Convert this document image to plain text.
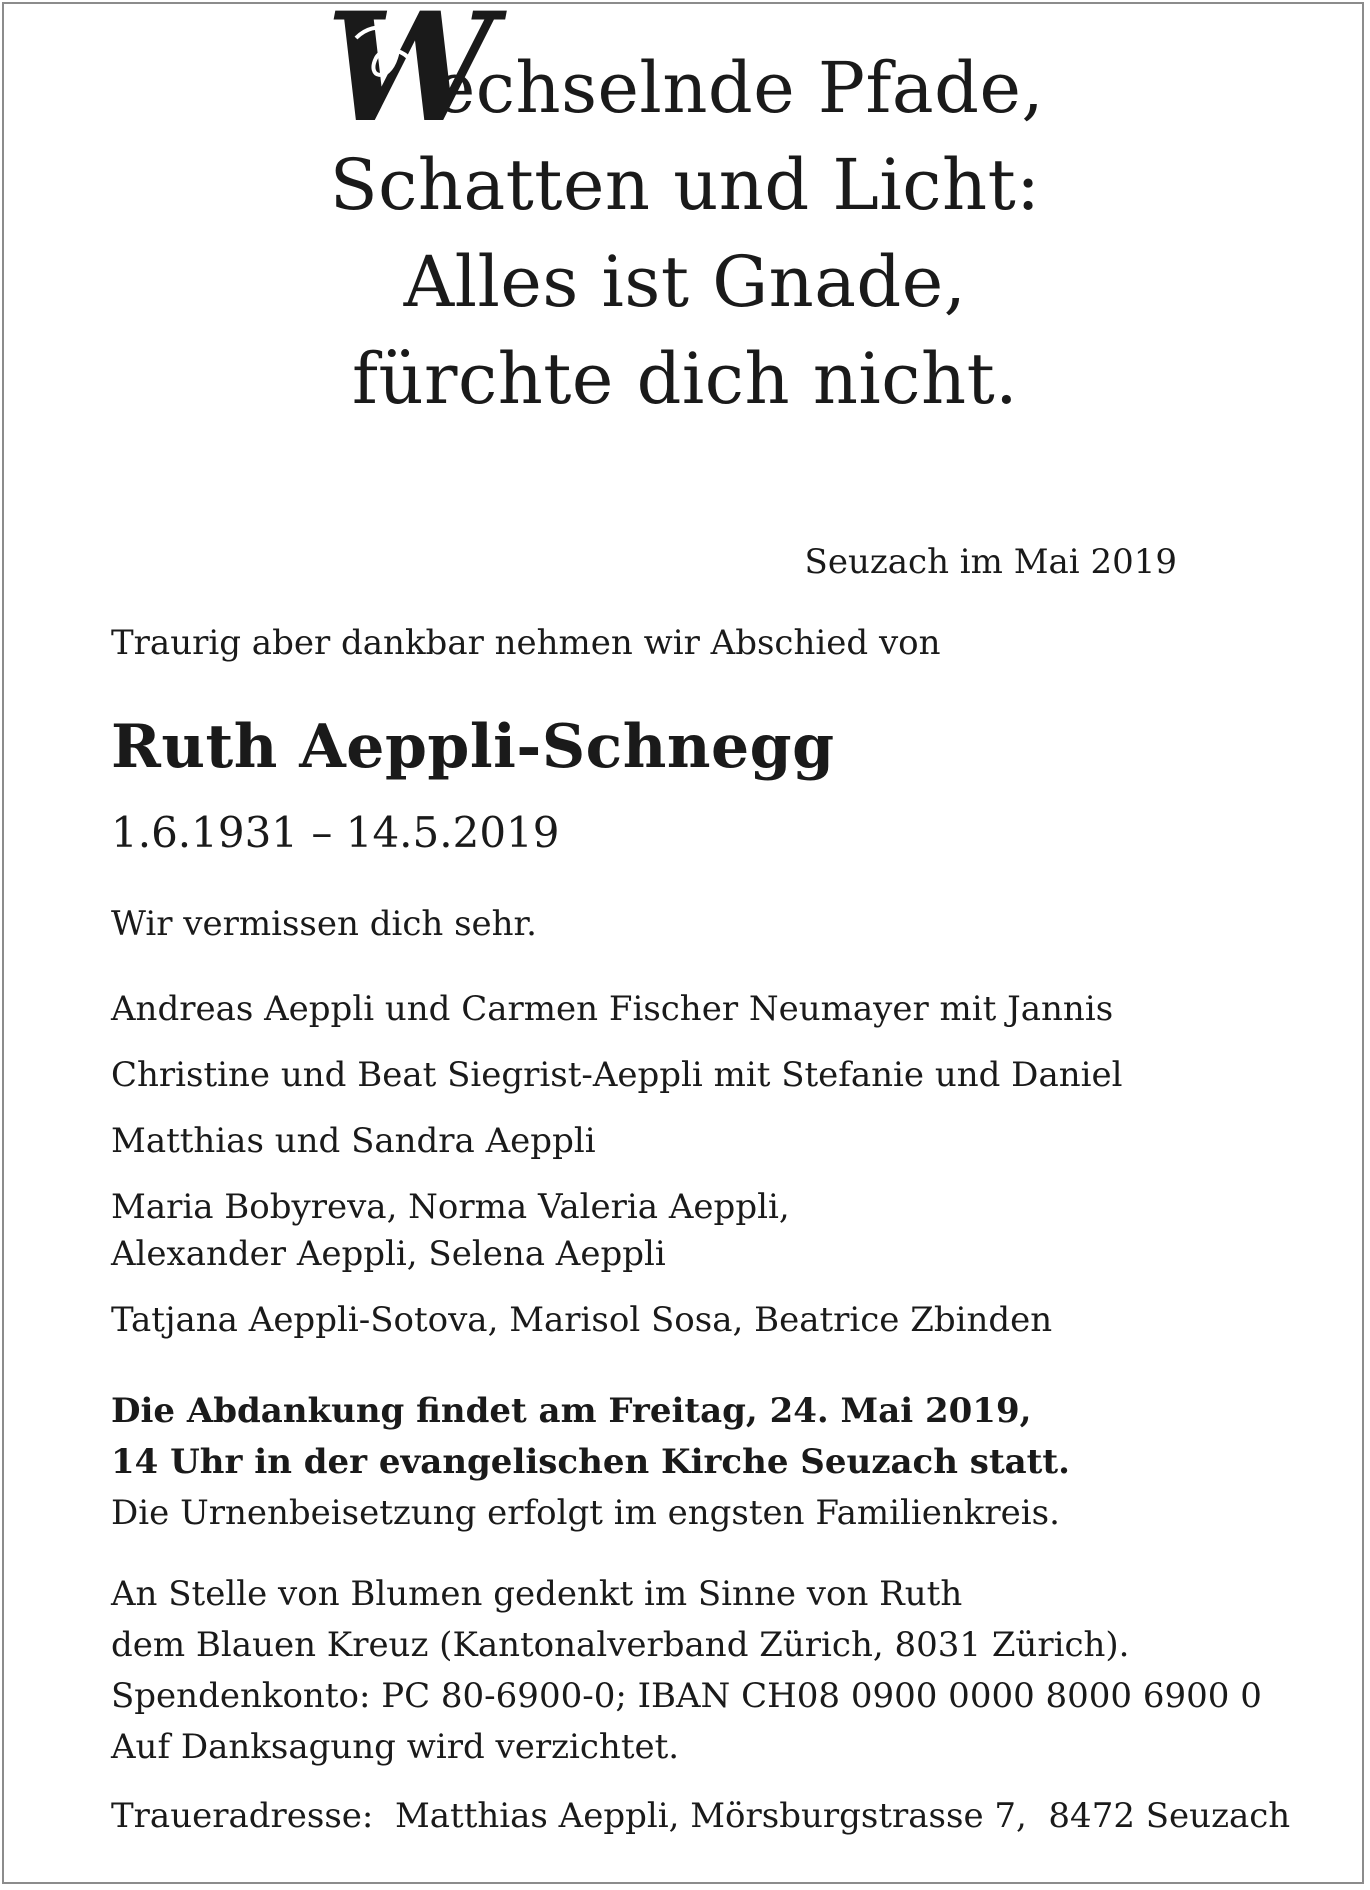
W
echselnde Pfade,
Schatten und Licht:
Alles ist Gnade,
fürchte dich nicht.
Seuzach im Mai 2019

Traurig aber dankbar nehmen wir Abschied von

Ruth Aeppli-Schnegg

1.6.1931 – 14.5.2019

Wir vermissen dich sehr.

Andreas Aeppli und Carmen Fischer Neumayer mit Jannis
Christine und Beat Siegrist-Aeppli mit Stefanie und Daniel
Matthias und Sandra Aeppli
Maria Bobyreva, Norma Valeria Aeppli,
Alexander Aeppli, Selena Aeppli
Tatjana Aeppli-Sotova, Marisol Sosa, Beatrice Zbinden

Die Abdankung findet am Freitag, 24. Mai 2019,
14 Uhr in der evangelischen Kirche Seuzach statt.
Die Urnenbeisetzung erfolgt im engsten Familienkreis.

An Stelle von Blumen gedenkt im Sinne von Ruth
dem Blauen Kreuz (Kantonalverband Zürich, 8031 Zürich).
Spendenkonto: PC 80-6900-0; IBAN CH08 0900 0000 8000 6900 0
Auf Danksagung wird verzichtet.

Traueradresse:  Matthias Aeppli, Mörsburgstrasse 7,  8472 Seuzach
